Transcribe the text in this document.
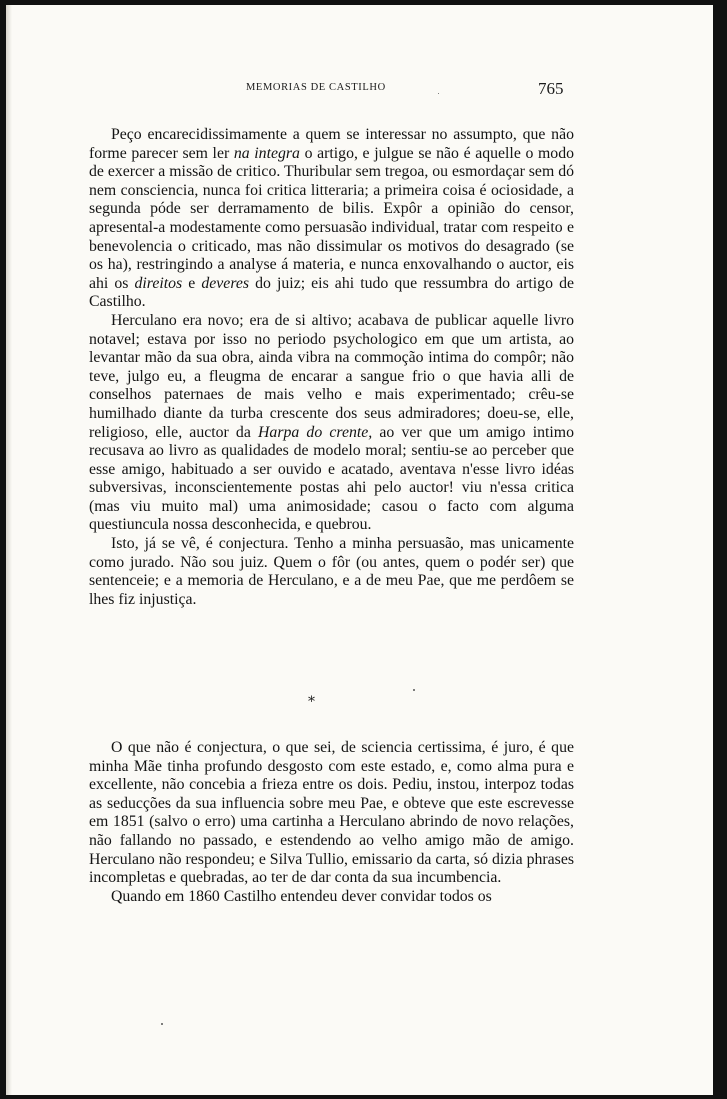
MEMORIAS DE CASTILHO	765

Peço encarecidissimamente a quem se interessar no assumpto, que não forme parecer sem ler na integra o artigo, e julgue se não é aquelle o modo de exercer a missão de critico. Thuribular sem tregoa, ou esmordaçar sem dó nem consciencia, nunca foi critica litteraria; a primeira coisa é ociosidade, a segunda póde ser derramamento de bilis. Expôr a opinião do censor, apresental-a modestamente como persuasão individual, tratar com respeito e benevolencia o criticado, mas não dissimular os motivos do desagrado (se os ha), restringindo a analyse á materia, e nunca enxovalhando o auctor, eis ahi os direitos e deveres do juiz; eis ahi tudo que ressumbra do artigo de Castilho.

Herculano era novo; era de si altivo; acabava de publicar aquelle livro notavel; estava por isso no periodo psychologico em que um artista, ao levantar mão da sua obra, ainda vibra na commoção intima do compôr; não teve, julgo eu, a fleugma de encarar a sangue frio o que havia alli de conselhos paternaes de mais velho e mais experimentado; crêu-se humilhado diante da turba crescente dos seus admiradores; doeu-se, elle, religioso, elle, auctor da Harpa do crente, ao ver que um amigo intimo recusava ao livro as qualidades de modelo moral; sentiu-se ao perceber que esse amigo, habituado a ser ouvido e acatado, aventava n'esse livro idéas subversivas, inconscientemente postas ahi pelo auctor! viu n'essa critica (mas viu muito mal) uma animosidade; casou o facto com alguma questiuncula nossa desconhecida, e quebrou.

Isto, já se vê, é conjectura. Tenho a minha persuasão, mas unicamente como jurado. Não sou juiz. Quem o fôr (ou antes, quem o podér ser) que sentenceie; e a memoria de Herculano, e a de meu Pae, que me perdôem se lhes fiz injustiça.

*

O que não é conjectura, o que sei, de sciencia certissima, é juro, é que minha Mãe tinha profundo desgosto com este estado, e, como alma pura e excellente, não concebia a frieza entre os dois. Pediu, instou, interpoz todas as seducções da sua influencia sobre meu Pae, e obteve que este escrevesse em 1851 (salvo o erro) uma cartinha a Herculano abrindo de novo relações, não fallando no passado, e estendendo ao velho amigo mão de amigo. Herculano não respondeu; e Silva Tullio, emissario da carta, só dizia phrases incompletas e quebradas, ao ter de dar conta da sua incumbencia.

Quando em 1860 Castilho entendeu dever convidar todos os
